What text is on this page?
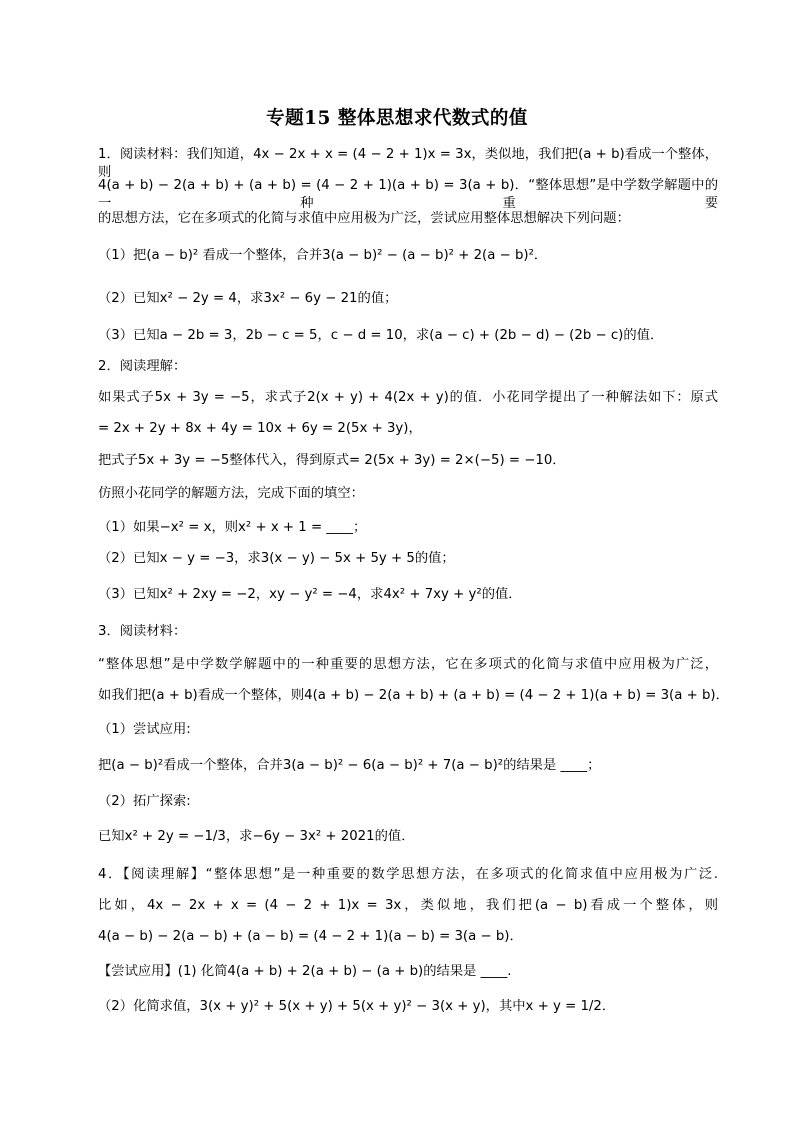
专题15 整体思想求代数式的值
1．阅读材料：我们知道，4x − 2x + x = (4 − 2 + 1)x = 3x，类似地，我们把(a + b)看成一个整体，则
4(a + b) − 2(a + b) + (a + b) = (4 − 2 + 1)(a + b) = 3(a + b)．“整体思想”是中学数学解题中的一种重要
的思想方法，它在多项式的化简与求值中应用极为广泛，尝试应用整体思想解决下列问题：
（1）把(a − b)² 看成一个整体，合并3(a − b)² − (a − b)² + 2(a − b)²．
（2）已知x² − 2y = 4，求3x² − 6y − 21的值；
（3）已知a − 2b = 3，2b − c = 5，c − d = 10，求(a − c) + (2b − d) − (2b − c)的值．
2．阅读理解：
如果式子5x + 3y = −5，求式子2(x + y) + 4(2x + y)的值．小花同学提出了一种解法如下：原式
= 2x + 2y + 8x + 4y = 10x + 6y = 2(5x + 3y)，
把式子5x + 3y = −5整体代入，得到原式= 2(5x + 3y) = 2×(−5) = −10．
仿照小花同学的解题方法，完成下面的填空：
（1）如果−x² = x，则x² + x + 1 = ____；
（2）已知x − y = −3，求3(x − y) − 5x + 5y + 5的值；
（3）已知x² + 2xy = −2，xy − y² = −4，求4x² + 7xy + y²的值．
3．阅读材料：
“整体思想”是中学数学解题中的一种重要的思想方法，它在多项式的化简与求值中应用极为广泛，
如我们把(a + b)看成一个整体，则4(a + b) − 2(a + b) + (a + b) = (4 − 2 + 1)(a + b) = 3(a + b)．
（1）尝试应用:
把(a − b)²看成一个整体，合并3(a − b)² − 6(a − b)² + 7(a − b)²的结果是 ____；
（2）拓广探索:
已知x² + 2y = −1/3，求−6y − 3x² + 2021的值．
4．【阅读理解】“整体思想”是一种重要的数学思想方法，在多项式的化简求值中应用极为广泛.
比如，4x − 2x + x = (4 − 2 + 1)x = 3x，类似地，我们把(a − b)看成一个整体，则
4(a − b) − 2(a − b) + (a − b) = (4 − 2 + 1)(a − b) = 3(a − b)．
【尝试应用】(1) 化简4(a + b) + 2(a + b) − (a + b)的结果是 ____.
（2）化简求值，3(x + y)² + 5(x + y) + 5(x + y)² − 3(x + y)，其中x + y = 1/2．
